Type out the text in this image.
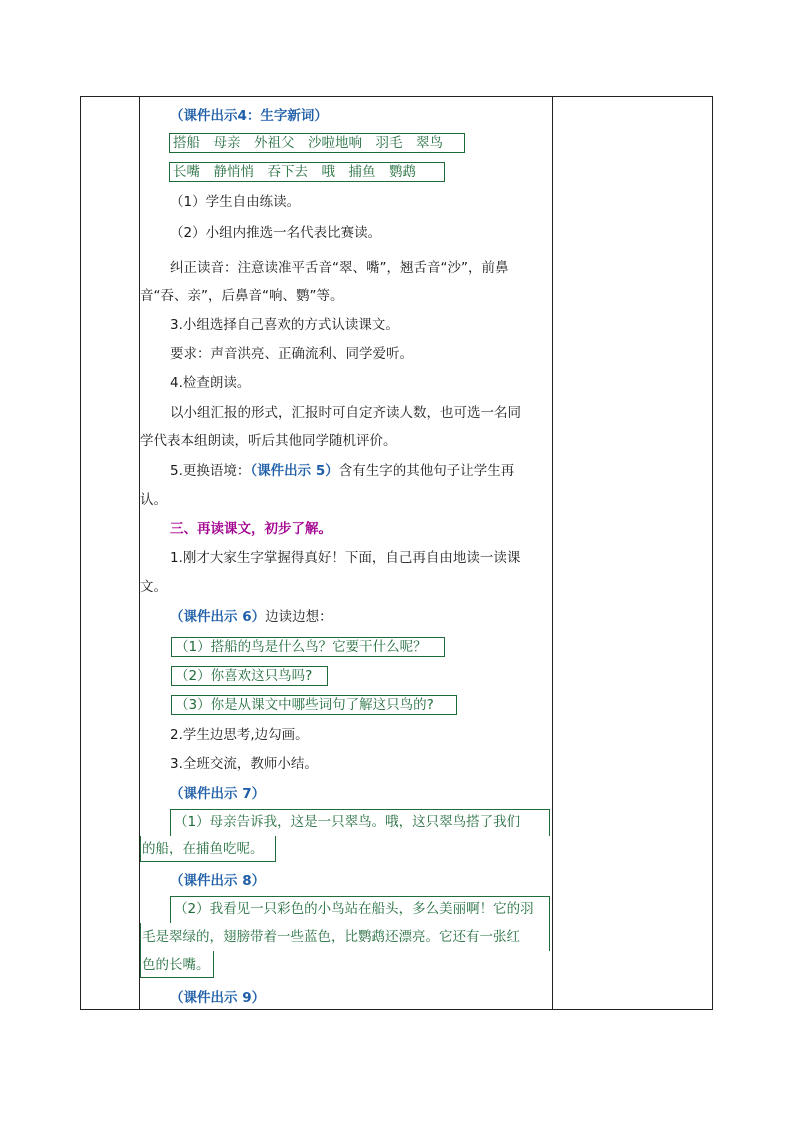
（课件出示4：生字新词）
搭船　母亲　外祖父　沙啦地响　羽毛　翠鸟
长嘴　静悄悄　吞下去　哦　捕鱼　鹦鹉
（1）学生自由练读。
（2）小组内推选一名代表比赛读。
纠正读音：注意读准平舌音“翠、嘴”，翘舌音“沙”，前鼻
音“吞、亲”，后鼻音“响、鹦”等。
3.小组选择自己喜欢的方式认读课文。
要求：声音洪亮、正确流利、同学爱听。
4.检查朗读。
以小组汇报的形式，汇报时可自定齐读人数，也可选一名同
学代表本组朗读，听后其他同学随机评价。
5.更换语境：（课件出示 5）含有生字的其他句子让学生再
认。
三、再读课文，初步了解。
1.刚才大家生字掌握得真好！下面，自己再自由地读一读课
文。
（课件出示 6）边读边想：
（1）搭船的鸟是什么鸟？它要干什么呢？
（2）你喜欢这只鸟吗?
（3）你是从课文中哪些词句了解这只鸟的?
2.学生边思考,边勾画。
3.全班交流，教师小结。
（课件出示 7）
（1）母亲告诉我，这是一只翠鸟。哦，这只翠鸟搭了我们
的船，在捕鱼吃呢。
（课件出示 8）
（2）我看见一只彩色的小鸟站在船头，多么美丽啊！它的羽
毛是翠绿的，翅膀带着一些蓝色，比鹦鹉还漂亮。它还有一张红
色的长嘴。
（课件出示 9）
